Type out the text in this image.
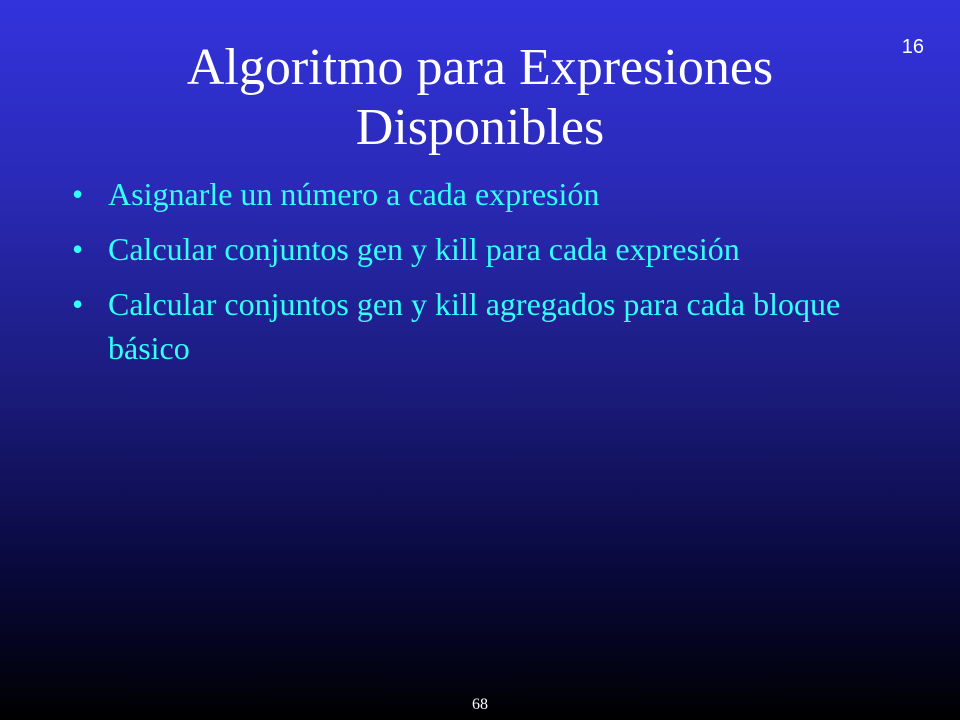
16
Algoritmo para Expresiones
Disponibles
• Asignarle un número a cada expresión
• Calcular conjuntos gen y kill para cada expresión
• Calcular conjuntos gen y kill agregados para cada bloque básico
68
